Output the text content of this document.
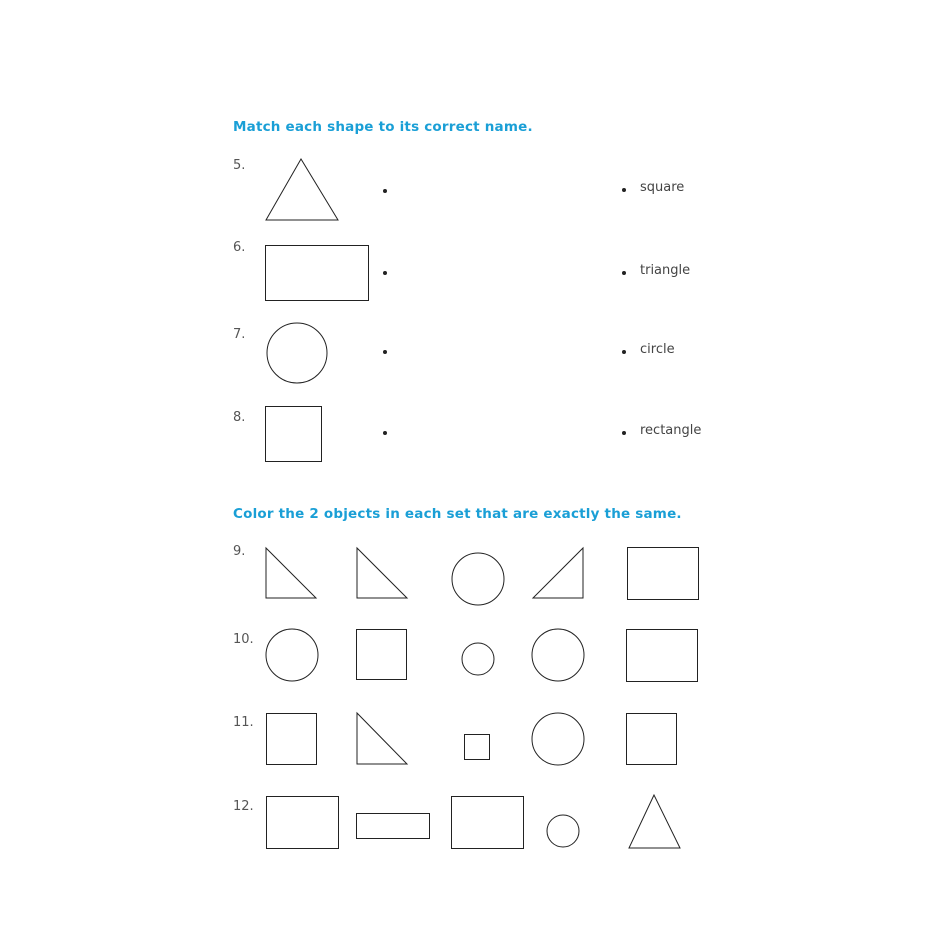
Match each shape to its correct name.
5.
6.
7.
8.
square
triangle
circle
rectangle
Color the 2 objects in each set that are exactly the same.
9.
10.
11.
12.
